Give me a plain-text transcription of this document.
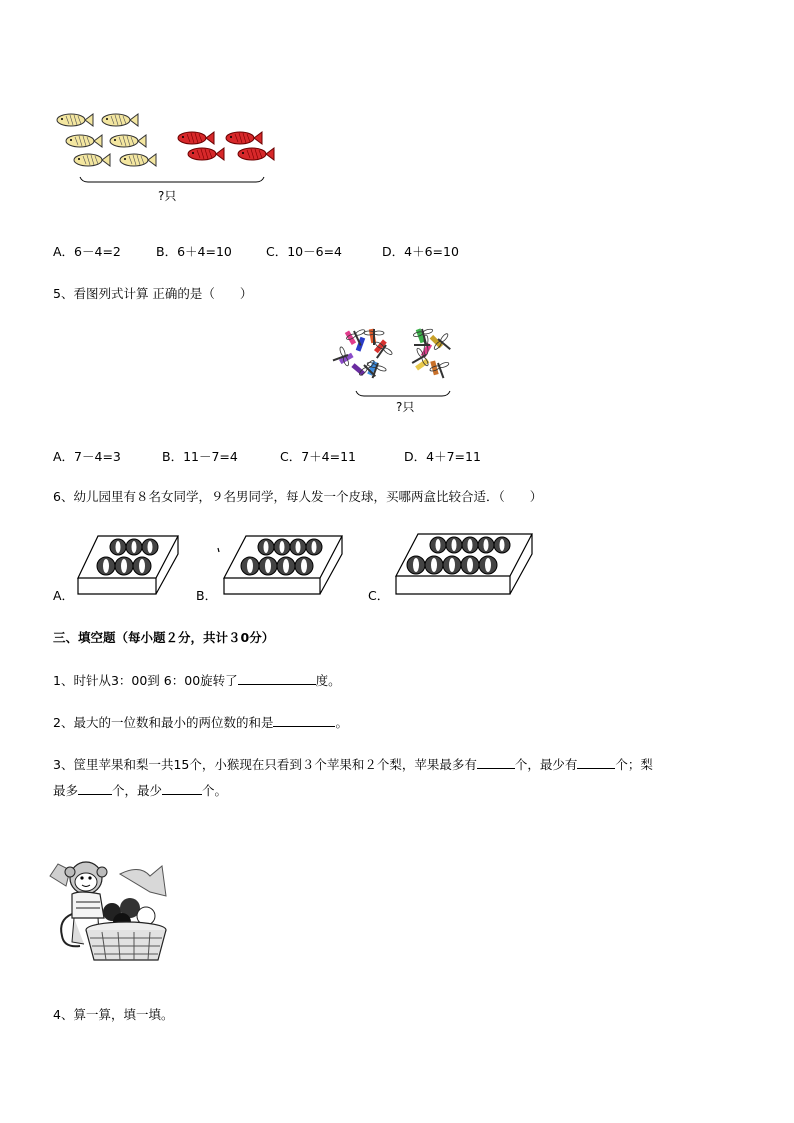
?只
A．6－4=2	B．6＋4=10	C．10－6=4	D．4＋6=10
5、看图列式计算 正确的是（　　）
?只
A．7－4=3	B．11－7=4	C．7＋4=11	D．4＋7=11
6、幼儿园里有８名女同学，９名男同学，每人发一个皮球，买哪两盒比较合适．（　　）
A．	B．	C．
三、填空题（每小题２分，共计３0分）
1、时针从3：00到 6：00旋转了	度。
2、最大的一位数和最小的两位数的和是	。
3、筐里苹果和梨一共15个，小猴现在只看到３个苹果和２个梨，苹果最多有	个，最少有	个；梨
最多	个，最少	个。
4、算一算，填一填。
